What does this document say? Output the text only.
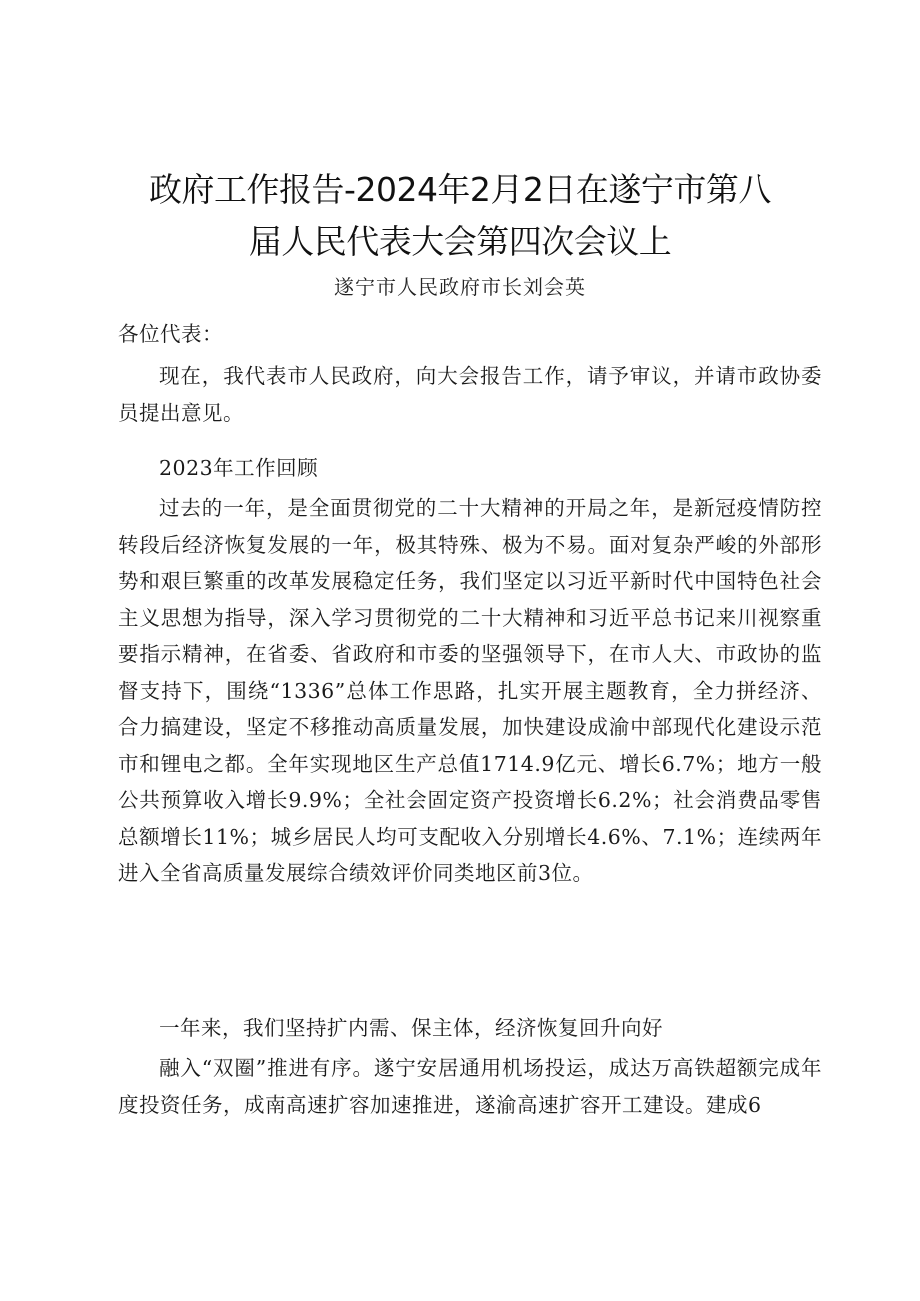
政府工作报告-2024年2月2日在遂宁市第八
届人民代表大会第四次会议上
遂宁市人民政府市长刘会英

各位代表：

现在，我代表市人民政府，向大会报告工作，请予审议，并请市政协委员提出意见。

2023年工作回顾

过去的一年，是全面贯彻党的二十大精神的开局之年，是新冠疫情防控转段后经济恢复发展的一年，极其特殊、极为不易。面对复杂严峻的外部形势和艰巨繁重的改革发展稳定任务，我们坚定以习近平新时代中国特色社会主义思想为指导，深入学习贯彻党的二十大精神和习近平总书记来川视察重要指示精神，在省委、省政府和市委的坚强领导下，在市人大、市政协的监督支持下，围绕“1336”总体工作思路，扎实开展主题教育，全力拼经济、合力搞建设，坚定不移推动高质量发展，加快建设成渝中部现代化建设示范市和锂电之都。全年实现地区生产总值1714.9亿元、增长6.7%；地方一般公共预算收入增长9.9%；全社会固定资产投资增长6.2%；社会消费品零售总额增长11%；城乡居民人均可支配收入分别增长4.6%、7.1%；连续两年进入全省高质量发展综合绩效评价同类地区前3位。

一年来，我们坚持扩内需、保主体，经济恢复回升向好

融入“双圈”推进有序。遂宁安居通用机场投运，成达万高铁超额完成年度投资任务，成南高速扩容加速推进，遂渝高速扩容开工建设。建成6
